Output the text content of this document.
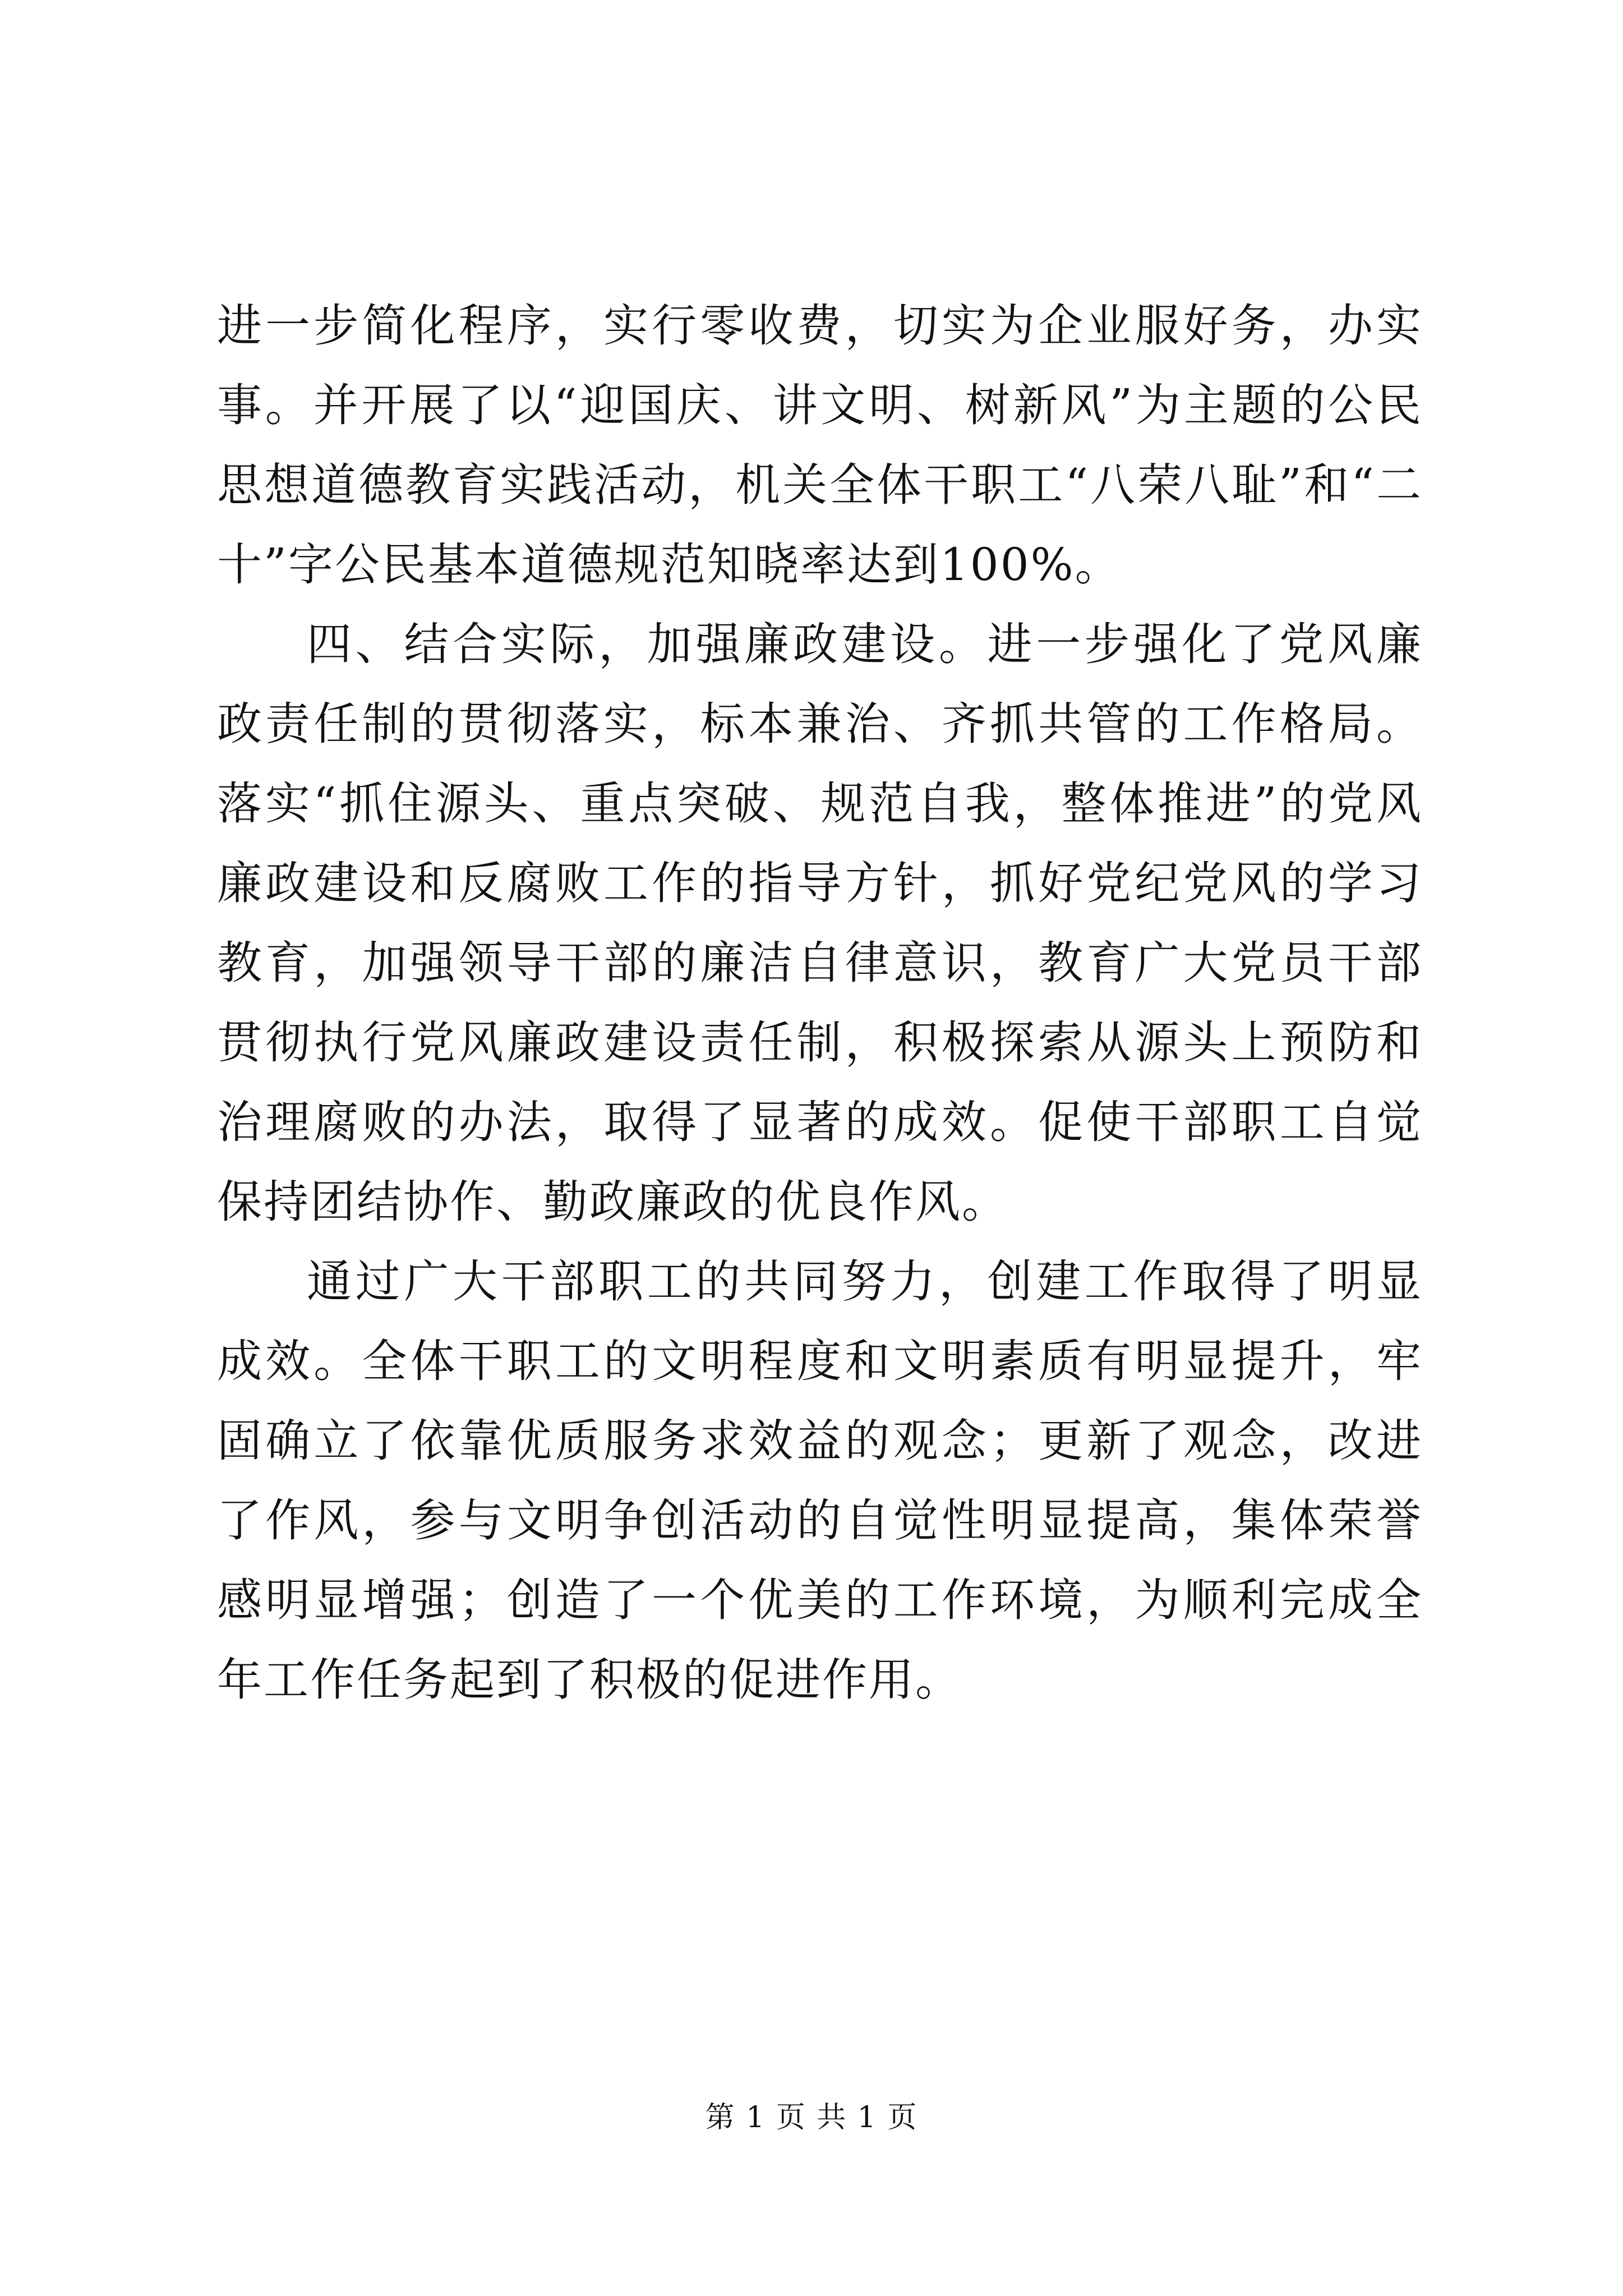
进一步简化程序，实行零收费，切实为企业服好务，办实事。并开展了以“迎国庆、讲文明、树新风”为主题的公民思想道德教育实践活动，机关全体干职工“八荣八耻”和“二十”字公民基本道德规范知晓率达到100%。

四、结合实际，加强廉政建设。进一步强化了党风廉政责任制的贯彻落实，标本兼治、齐抓共管的工作格局。落实“抓住源头、重点突破、规范自我，整体推进”的党风廉政建设和反腐败工作的指导方针，抓好党纪党风的学习教育，加强领导干部的廉洁自律意识，教育广大党员干部贯彻执行党风廉政建设责任制，积极探索从源头上预防和治理腐败的办法，取得了显著的成效。促使干部职工自觉保持团结协作、勤政廉政的优良作风。

通过广大干部职工的共同努力，创建工作取得了明显成效。全体干职工的文明程度和文明素质有明显提升，牢固确立了依靠优质服务求效益的观念；更新了观念，改进了作风，参与文明争创活动的自觉性明显提高，集体荣誉感明显增强；创造了一个优美的工作环境，为顺利完成全年工作任务起到了积极的促进作用。

第 1 页 共 1 页
